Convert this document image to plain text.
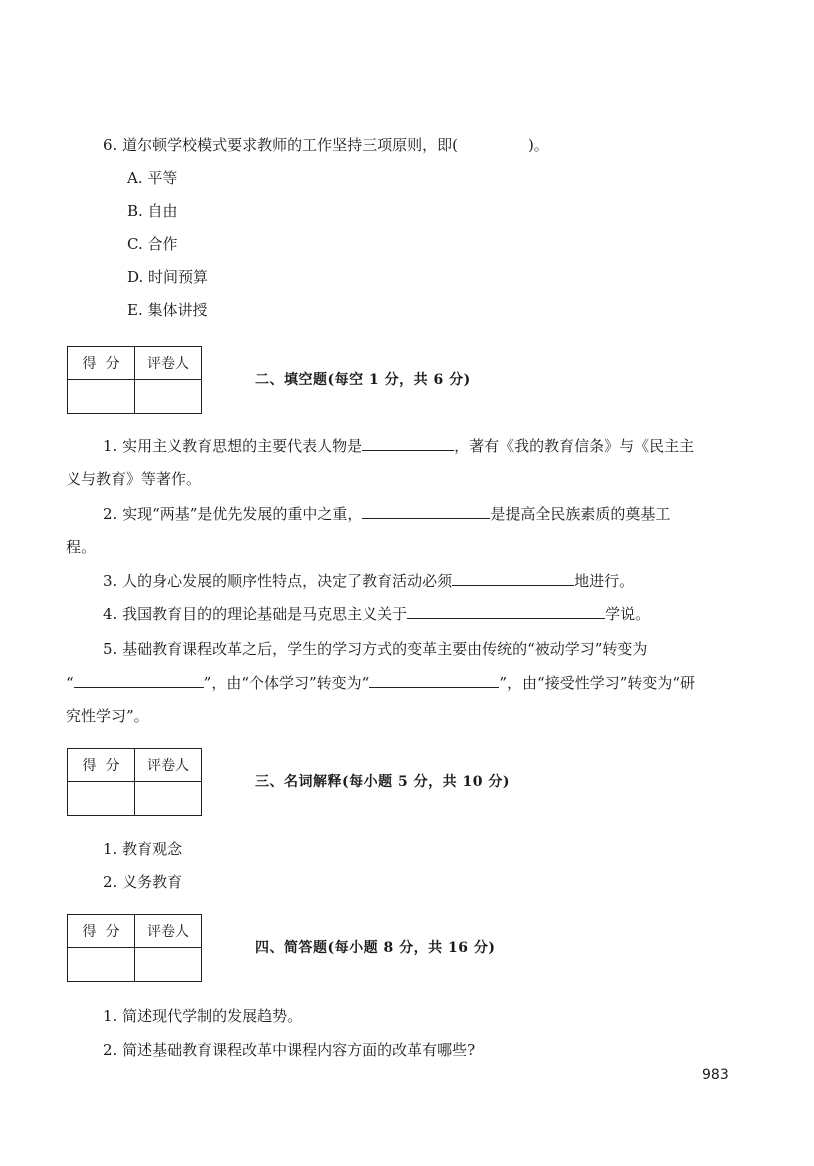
6. 道尔顿学校模式要求教师的工作坚持三项原则，即(	)。
A. 平等
B. 自由
C. 合作
D. 时间预算
E. 集体讲授
得  分	评卷人

二、填空题(每空 1 分，共 6 分)
1. 实用主义教育思想的主要代表人物是	，著有《我的教育信条》与《民主主
义与教育》等著作。
2. 实现“两基”是优先发展的重中之重，	是提高全民族素质的奠基工
程。
3. 人的身心发展的顺序性特点，决定了教育活动必须	地进行。
4. 我国教育目的的理论基础是马克思主义关于	学说。
5. 基础教育课程改革之后，学生的学习方式的变革主要由传统的“被动学习”转变为
“	”，由“个体学习”转变为“	”，由“接受性学习”转变为“研
究性学习”。
得  分	评卷人

三、名词解释(每小题 5 分，共 10 分)
1. 教育观念
2. 义务教育
得  分	评卷人

四、简答题(每小题 8 分，共 16 分)
1. 简述现代学制的发展趋势。
2. 简述基础教育课程改革中课程内容方面的改革有哪些?
983
